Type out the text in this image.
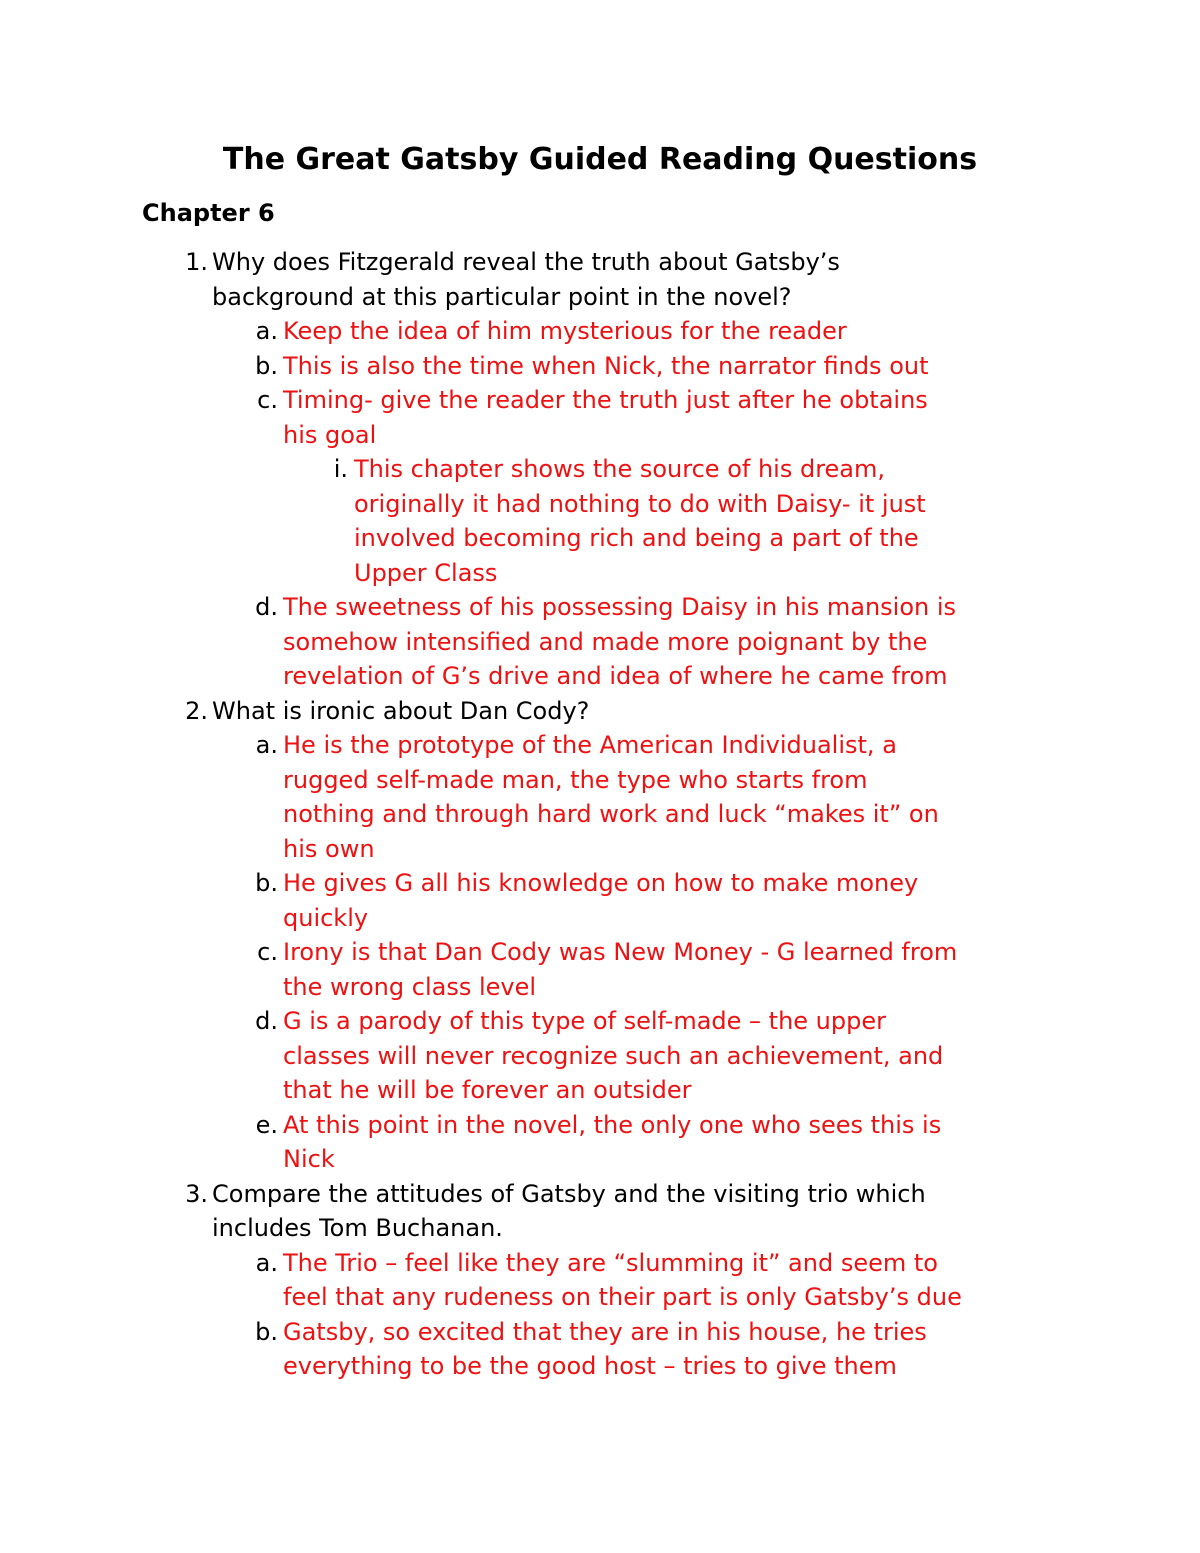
The Great Gatsby Guided Reading Questions
Chapter 6
1. Why does Fitzgerald reveal the truth about Gatsby’s
background at this particular point in the novel?
a. Keep the idea of him mysterious for the reader
b. This is also the time when Nick, the narrator finds out
c. Timing- give the reader the truth just after he obtains
his goal
i. This chapter shows the source of his dream,
originally it had nothing to do with Daisy- it just
involved becoming rich and being a part of the
Upper Class
d. The sweetness of his possessing Daisy in his mansion is
somehow intensified and made more poignant by the
revelation of G’s drive and idea of where he came from
2. What is ironic about Dan Cody?
a. He is the prototype of the American Individualist, a
rugged self-made man, the type who starts from
nothing and through hard work and luck “makes it” on
his own
b. He gives G all his knowledge on how to make money
quickly
c. Irony is that Dan Cody was New Money - G learned from
the wrong class level
d. G is a parody of this type of self-made – the upper
classes will never recognize such an achievement, and
that he will be forever an outsider
e. At this point in the novel, the only one who sees this is
Nick
3. Compare the attitudes of Gatsby and the visiting trio which
includes Tom Buchanan.
a. The Trio – feel like they are “slumming it” and seem to
feel that any rudeness on their part is only Gatsby’s due
b. Gatsby, so excited that they are in his house, he tries
everything to be the good host – tries to give them
